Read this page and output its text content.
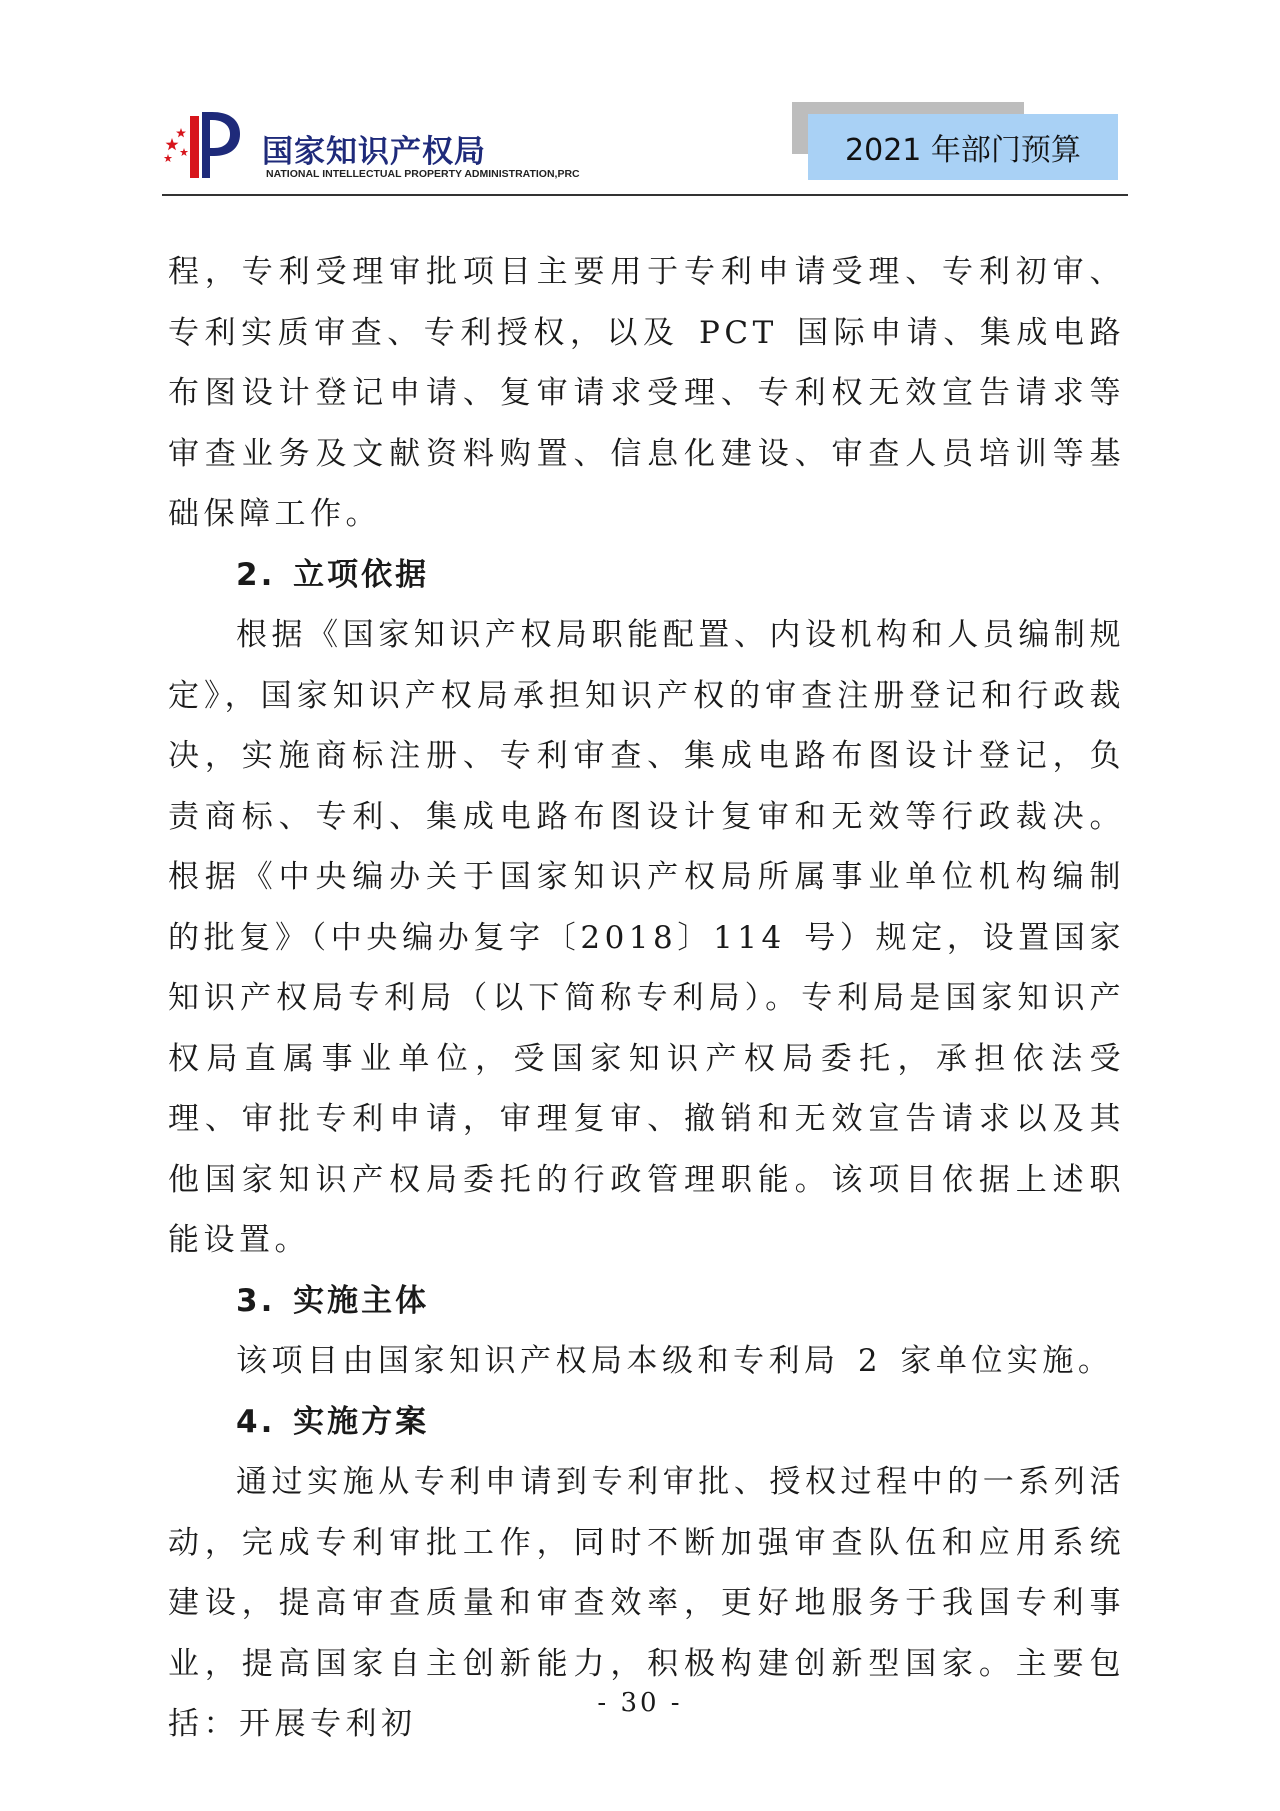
国家知识产权局
NATIONAL INTELLECTUAL PROPERTY ADMINISTRATION,PRC
2021 年部门预算

程，专利受理审批项目主要用于专利申请受理、专利初审、专利实质审查、专利授权，以及 PCT 国际申请、集成电路布图设计登记申请、复审请求受理、专利权无效宣告请求等审查业务及文献资料购置、信息化建设、审查人员培训等基础保障工作。

2. 立项依据

根据《国家知识产权局职能配置、内设机构和人员编制规定》，国家知识产权局承担知识产权的审查注册登记和行政裁决，实施商标注册、专利审查、集成电路布图设计登记，负责商标、专利、集成电路布图设计复审和无效等行政裁决。根据《中央编办关于国家知识产权局所属事业单位机构编制的批复》（中央编办复字〔2018〕114 号）规定，设置国家知识产权局专利局（以下简称专利局）。专利局是国家知识产权局直属事业单位，受国家知识产权局委托，承担依法受理、审批专利申请，审理复审、撤销和无效宣告请求以及其他国家知识产权局委托的行政管理职能。该项目依据上述职能设置。

3. 实施主体

该项目由国家知识产权局本级和专利局 2 家单位实施。

4. 实施方案

通过实施从专利申请到专利审批、授权过程中的一系列活动，完成专利审批工作，同时不断加强审查队伍和应用系统建设，提高审查质量和审查效率，更好地服务于我国专利事业，提高国家自主创新能力，积极构建创新型国家。主要包括：开展专利初

- 30 -
